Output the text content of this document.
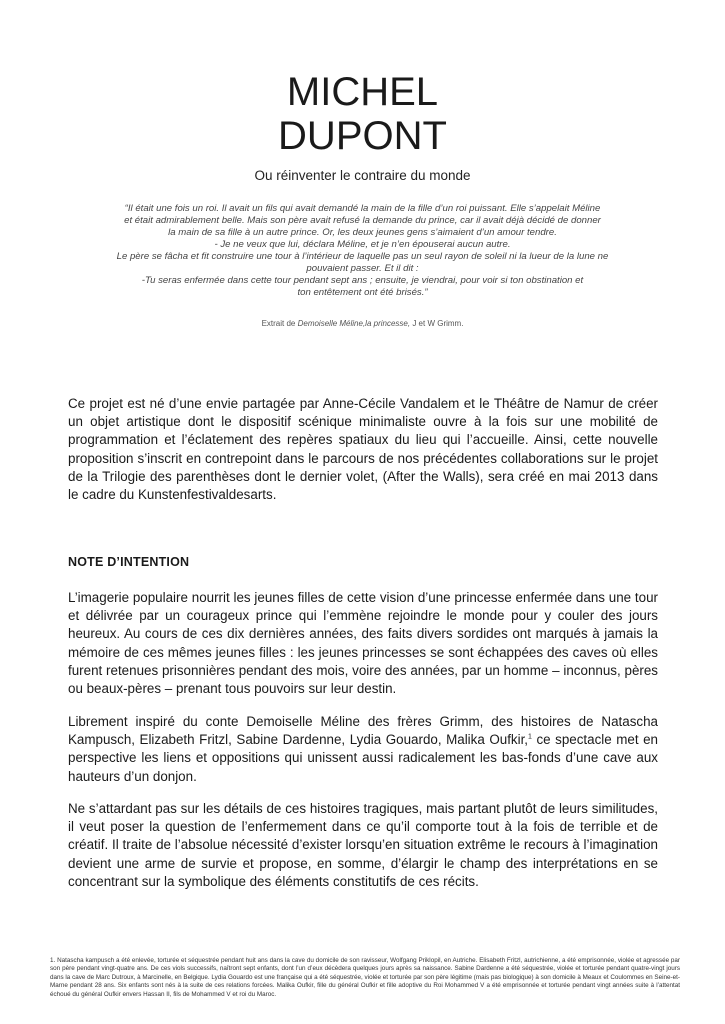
MICHEL
DUPONT
Ou réinventer le contraire du monde

“Il était une fois un roi. Il avait un fils qui avait demandé la main de la fille d’un roi puissant. Elle s’appelait Méline

et était admirablement belle. Mais son père avait refusé la demande du prince, car il avait déjà décidé de donner

la main de sa fille à un autre prince. Or, les deux jeunes gens s’aimaient d’un amour tendre.

- Je ne veux que lui, déclara Méline, et je n’en épouserai aucun autre.

Le père se fâcha et fit construire une tour à l’intérieur de laquelle pas un seul rayon de soleil ni la lueur de la lune ne

pouvaient passer. Et il dit :

-Tu seras enfermée dans cette tour pendant sept ans ; ensuite, je viendrai, pour voir si ton obstination et

ton entêtement ont été brisés.”

Extrait de Demoiselle Méline,la princesse, J et W Grimm.

Ce projet est né d’une envie partagée par Anne-Cécile Vandalem et le Théâtre de Namur de créer un objet artistique dont le dispositif scénique minimaliste ouvre à la fois sur une mobilité de programmation et l’éclatement des repères spatiaux du lieu qui l’accueille. Ainsi, cette nouvelle proposition s’inscrit en contrepoint dans le parcours de nos précédentes collaborations sur le projet de la Trilogie des parenthèses dont le dernier volet, (After the Walls), sera créé en mai 2013 dans le cadre du Kunstenfestivaldesarts.

NOTE D’INTENTION

L’imagerie populaire nourrit les jeunes filles de cette vision d’une princesse enfermée dans une tour et délivrée par un courageux prince qui l’emmène rejoindre le monde pour y couler des jours heureux. Au cours de ces dix dernières années, des faits divers sordides ont marqués à jamais la mémoire de ces mêmes jeunes filles : les jeunes princesses se sont échappées des caves où elles furent retenues prisonnières pendant des mois, voire des années, par un homme – inconnus, pères ou beaux-pères – prenant tous pouvoirs sur leur destin.

Librement inspiré du conte Demoiselle Méline des frères Grimm, des histoires de Natascha Kampusch, Elizabeth Fritzl, Sabine Dardenne, Lydia Gouardo, Malika Oufkir,$^1$ ce spectacle met en perspective les liens et oppositions qui unissent aussi radicalement les bas-fonds d’une cave aux hauteurs d’un donjon.

Ne s’attardant pas sur les détails de ces histoires tragiques, mais partant plutôt de leurs similitudes, il veut poser la question de l’enfermement dans ce qu’il comporte tout à la fois de terrible et de créatif. Il traite de l’absolue nécessité d’exister lorsqu’en situation extrême le recours à l’imagination devient une arme de survie et propose, en somme, d’élargir le champ des interprétations en se concentrant sur la symbolique des éléments constitutifs de ces récits.

1. Natascha kampusch a été enlevée, torturée et séquestrée pendant huit ans dans la cave du domicile de son ravisseur, Wolfgang Priklopil, en Autriche. Elisabeth Fritzl, autrichienne, a été emprisonnée, violée et agressée par son père pendant vingt-quatre ans. De ces viols successifs, naîtront sept enfants, dont l’un d’eux décèdera quelques jours après sa naissance. Sabine Dardenne a été séquestrée, violée et torturée pendant quatre-vingt jours dans la cave de Marc Dutroux, à Marcinelle, en Belgique. Lydia Gouardo est une française qui a été séquestrée, violée et torturée par son père légitime (mais pas biologique) à son domicile à Meaux et Coulommes en Seine-et-Marne pendant 28 ans. Six enfants sont nés à la suite de ces relations forcées. Malika Oufkir, fille du général Oufkir et fille adoptive du Roi Mohammed V a été emprisonnée et torturée pendant vingt années suite à l’attentat échoué du général Oufkir envers Hassan II, fils de Mohammed V et roi du Maroc.
